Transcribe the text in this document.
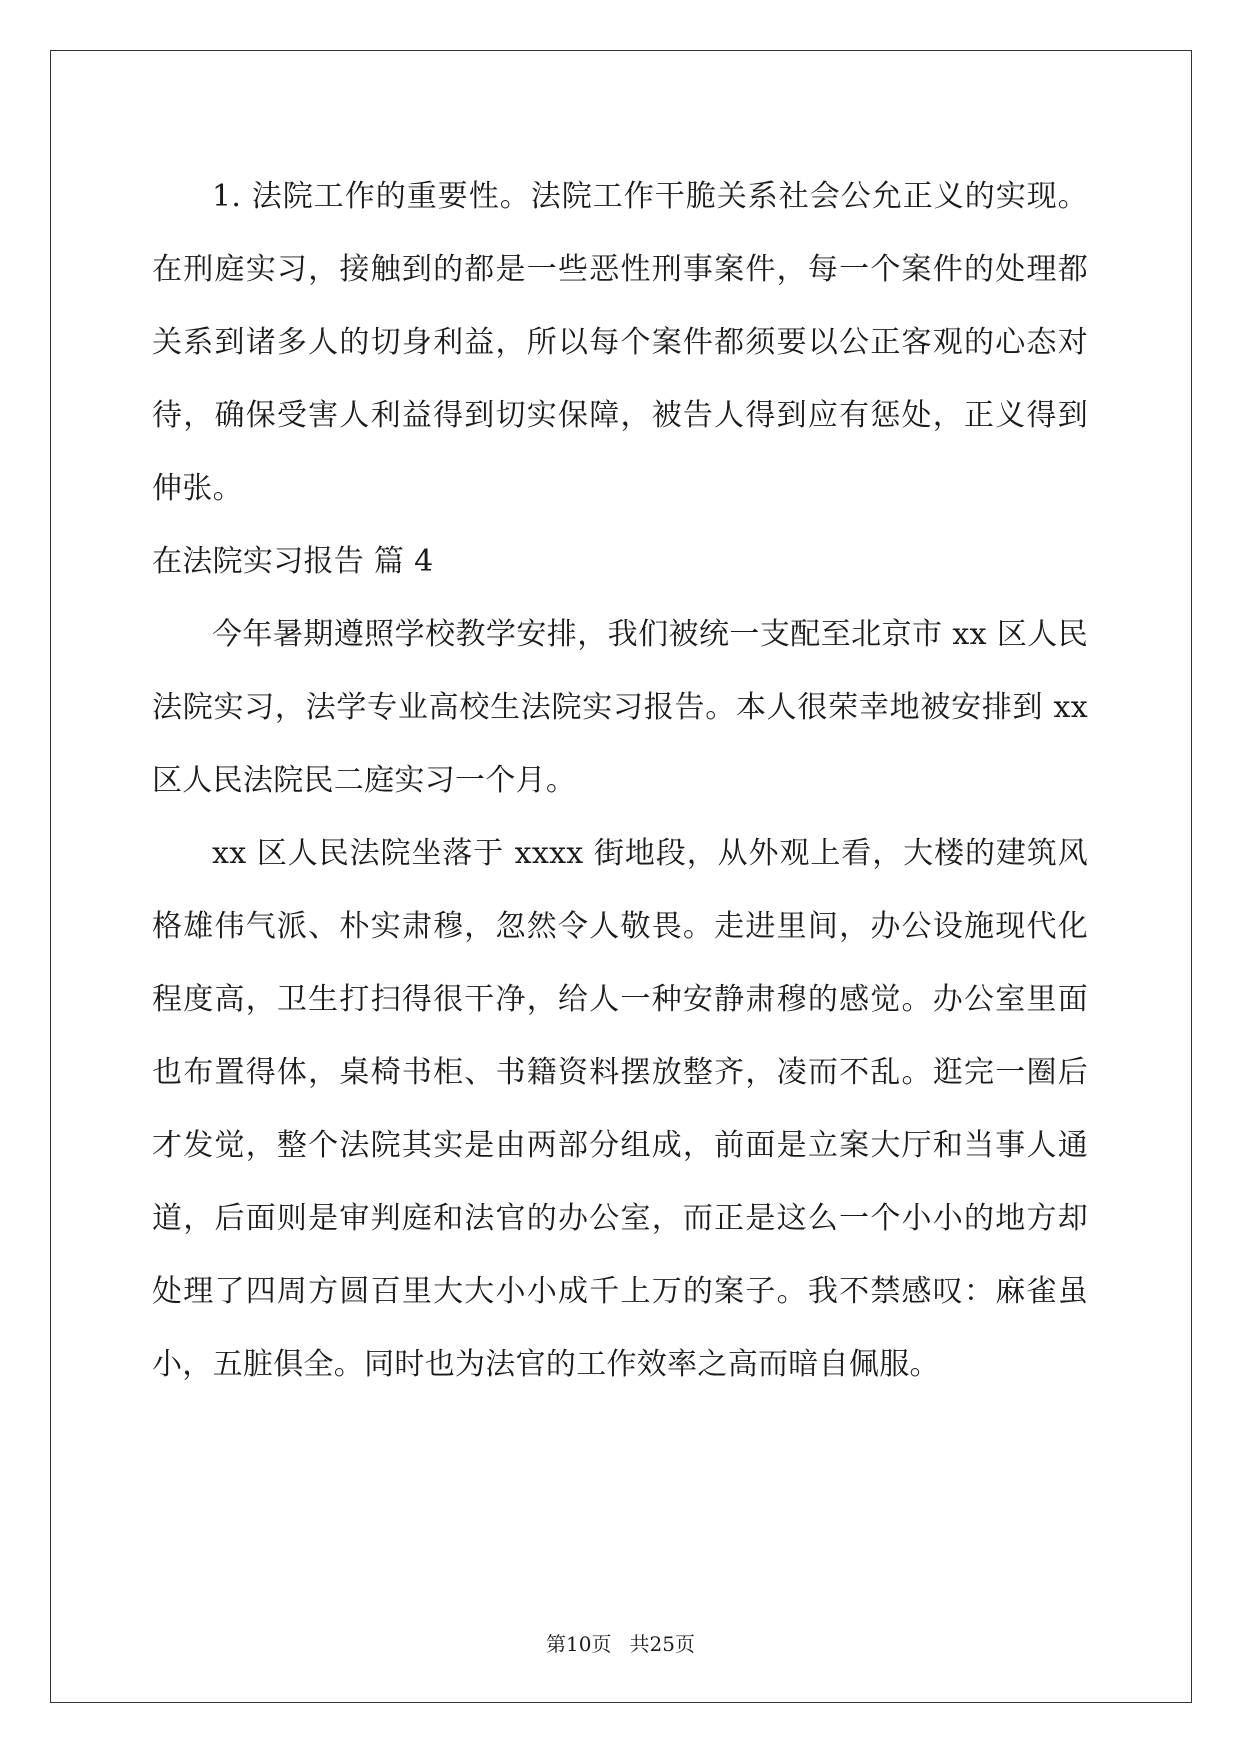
1. 法院工作的重要性。法院工作干脆关系社会公允正义的实现。
在刑庭实习，接触到的都是一些恶性刑事案件，每一个案件的处理都
关系到诸多人的切身利益，所以每个案件都须要以公正客观的心态对
待，确保受害人利益得到切实保障，被告人得到应有惩处，正义得到
伸张。
在法院实习报告 篇 4
今年暑期遵照学校教学安排，我们被统一支配至北京市 xx 区人民
法院实习，法学专业高校生法院实习报告。本人很荣幸地被安排到 xx
区人民法院民二庭实习一个月。
xx 区人民法院坐落于 xxxx 街地段，从外观上看，大楼的建筑风
格雄伟气派、朴实肃穆，忽然令人敬畏。走进里间，办公设施现代化
程度高，卫生打扫得很干净，给人一种安静肃穆的感觉。办公室里面
也布置得体，桌椅书柜、书籍资料摆放整齐，凌而不乱。逛完一圈后
才发觉，整个法院其实是由两部分组成，前面是立案大厅和当事人通
道，后面则是审判庭和法官的办公室，而正是这么一个小小的地方却
处理了四周方圆百里大大小小成千上万的案子。我不禁感叹：麻雀虽
小，五脏俱全。同时也为法官的工作效率之高而暗自佩服。
第10页 共25页
